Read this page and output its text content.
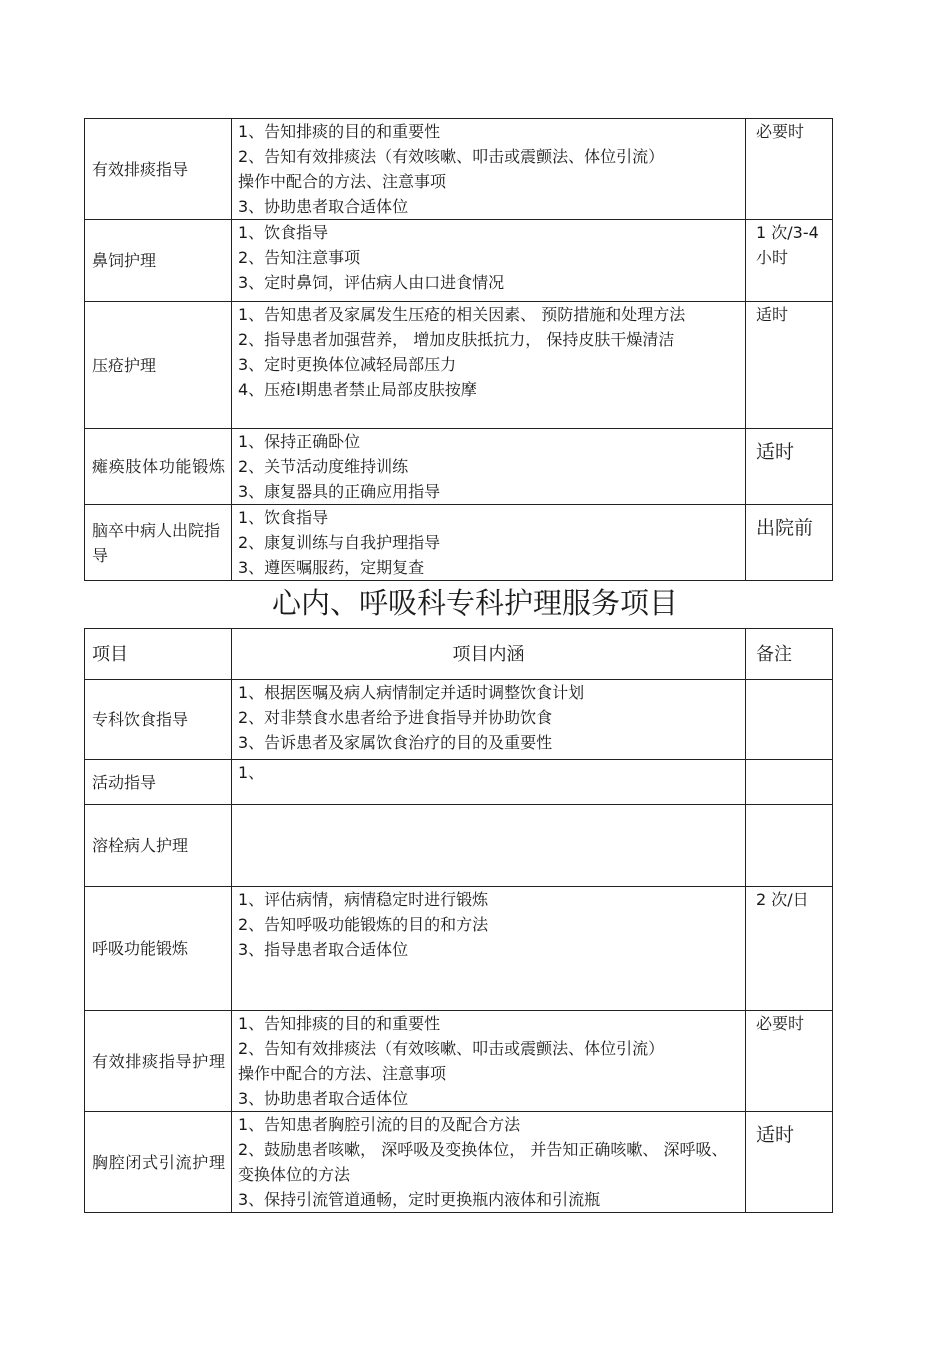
有效排痰指导	1、告知排痰的目的和重要性
2、告知有效排痰法（有效咳嗽、叩击或震颤法、体位引流）
操作中配合的方法、注意事项
3、协助患者取合适体位	必要时
鼻饲护理	1、饮食指导
2、告知注意事项
3、定时鼻饲，评估病人由口进食情况	1 次/3-4 小时
压疮护理	1、告知患者及家属发生压疮的相关因素、 预防措施和处理方法
2、指导患者加强营养， 增加皮肤抵抗力， 保持皮肤干燥清洁
3、定时更换体位减轻局部压力
4、压疮Ⅰ期患者禁止局部皮肤按摩	适时

瘫痪肢体功能锻炼	1、保持正确卧位
2、关节活动度维持训练
3、康复器具的正确应用指导	适时

脑卒中病人出院指导	1、饮食指导
2、康复训练与自我护理指导
3、遵医嘱服药，定期复查	出院前
心内、呼吸科专科护理服务项目
项目	项目内涵	备注
专科饮食指导	1、根据医嘱及病人病情制定并适时调整饮食计划
2、对非禁食水患者给予进食指导并协助饮食
3、告诉患者及家属饮食治疗的目的及重要性	

活动指导	1、	

溶栓病人护理		
呼吸功能锻炼	1、评估病情，病情稳定时进行锻炼
2、告知呼吸功能锻炼的目的和方法
3、指导患者取合适体位	2 次/日

有效排痰指导护理	1、告知排痰的目的和重要性
2、告知有效排痰法（有效咳嗽、叩击或震颤法、体位引流）
操作中配合的方法、注意事项
3、协助患者取合适体位	必要时

胸腔闭式引流护理	1、告知患者胸腔引流的目的及配合方法
2、鼓励患者咳嗽， 深呼吸及变换体位， 并告知正确咳嗽、 深呼吸、变换体位的方法
3、保持引流管道通畅，定时更换瓶内液体和引流瓶	适时
